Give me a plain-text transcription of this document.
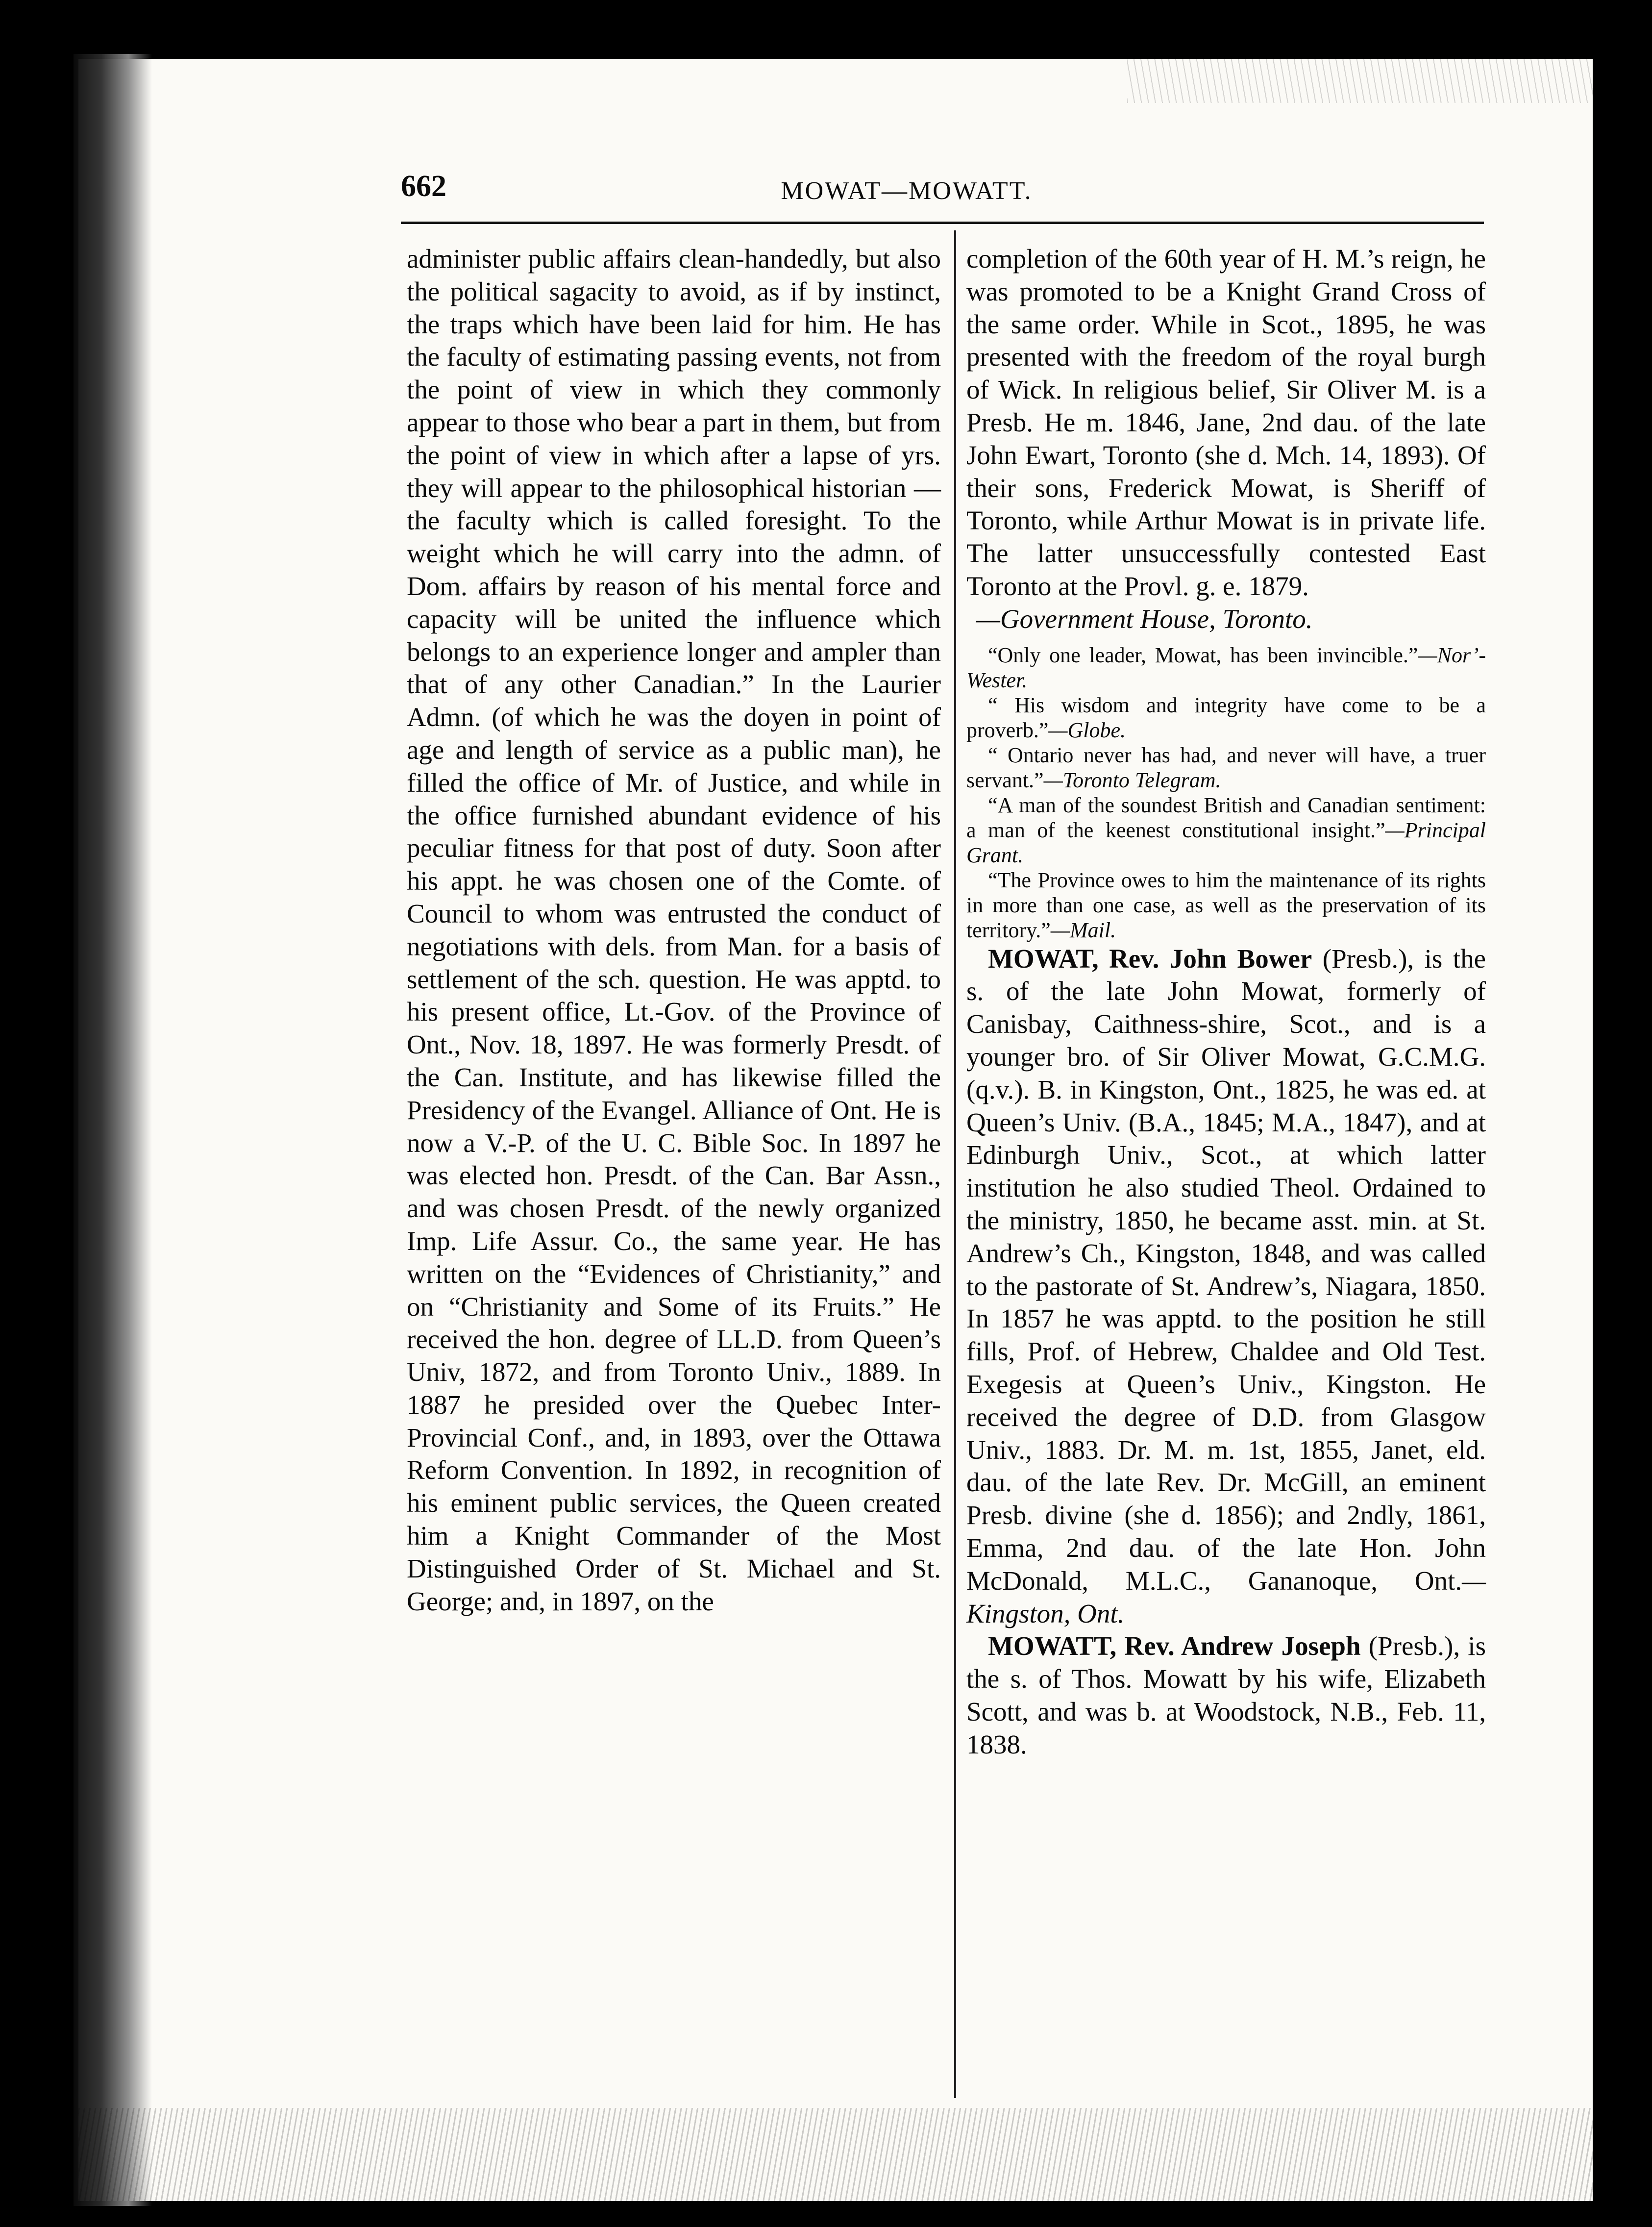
662	MOWAT—MOWATT.

administer public affairs clean-handedly, but also the political sagacity to avoid, as if by instinct, the traps which have been laid for him. He has the faculty of estimating passing events, not from the point of view in which they commonly appear to those who bear a part in them, but from the point of view in which after a lapse of yrs. they will appear to the philosophical historian —the faculty which is called foresight. To the weight which he will carry into the admn. of Dom. affairs by reason of his mental force and capacity will be united the influence which belongs to an experience longer and ampler than that of any other Canadian.” In the Laurier Admn. (of which he was the doyen in point of age and length of service as a public man), he filled the office of Mr. of Justice, and while in the office furnished abundant evidence of his peculiar fitness for that post of duty. Soon after his appt. he was chosen one of the Comte. of Council to whom was entrusted the conduct of negotiations with dels. from Man. for a basis of settlement of the sch. question. He was apptd. to his present office, Lt.-Gov. of the Province of Ont., Nov. 18, 1897. He was formerly Presdt. of the Can. Institute, and has likewise filled the Presidency of the Evangel. Alliance of Ont. He is now a V.-P. of the U. C. Bible Soc. In 1897 he was elected hon. Presdt. of the Can. Bar Assn., and was chosen Presdt. of the newly organized Imp. Life Assur. Co., the same year. He has written on the “Evidences of Christianity,” and on “Christianity and Some of its Fruits.” He received the hon. degree of LL.D. from Queen’s Univ, 1872, and from Toronto Univ., 1889. In 1887 he presided over the Quebec Inter-Provincial Conf., and, in 1893, over the Ottawa Reform Convention. In 1892, in recognition of his eminent public services, the Queen created him a Knight Commander of the Most Distinguished Order of St. Michael and St. George; and, in 1897, on the

completion of the 60th year of H. M.’s reign, he was promoted to be a Knight Grand Cross of the same order. While in Scot., 1895, he was presented with the freedom of the royal burgh of Wick. In religious belief, Sir Oliver M. is a Presb. He m. 1846, Jane, 2nd dau. of the late John Ewart, Toronto (she d. Mch. 14, 1893). Of their sons, Frederick Mowat, is Sheriff of Toronto, while Arthur Mowat is in private life. The latter unsuccessfully contested East Toronto at the Provl. g. e. 1879.

—Government House, Toronto.

“Only one leader, Mowat, has been invincible.”—Nor’-Wester.

“ His wisdom and integrity have come to be a proverb.”—Globe.

“ Ontario never has had, and never will have, a truer servant.”—Toronto Telegram.

“A man of the soundest British and Canadian sentiment: a man of the keenest constitutional insight.”—Principal Grant.

“The Province owes to him the maintenance of its rights in more than one case, as well as the preservation of its territory.”—Mail.

MOWAT, Rev. John Bower (Presb.), is the s. of the late John Mowat, formerly of Canisbay, Caithness-shire, Scot., and is a younger bro. of Sir Oliver Mowat, G.C.M.G. (q.v.). B. in Kingston, Ont., 1825, he was ed. at Queen’s Univ. (B.A., 1845; M.A., 1847), and at Edinburgh Univ., Scot., at which latter institution he also studied Theol. Ordained to the ministry, 1850, he became asst. min. at St. Andrew’s Ch., Kingston, 1848, and was called to the pastorate of St. Andrew’s, Niagara, 1850. In 1857 he was apptd. to the position he still fills, Prof. of Hebrew, Chaldee and Old Test. Exegesis at Queen’s Univ., Kingston. He received the degree of D.D. from Glasgow Univ., 1883. Dr. M. m. 1st, 1855, Janet, eld. dau. of the late Rev. Dr. McGill, an eminent Presb. divine (she d. 1856); and 2ndly, 1861, Emma, 2nd dau. of the late Hon. John McDonald, M.L.C., Gananoque, Ont.—Kingston, Ont.

MOWATT, Rev. Andrew Joseph (Presb.), is the s. of Thos. Mowatt by his wife, Elizabeth Scott, and was b. at Woodstock, N.B., Feb. 11, 1838.
